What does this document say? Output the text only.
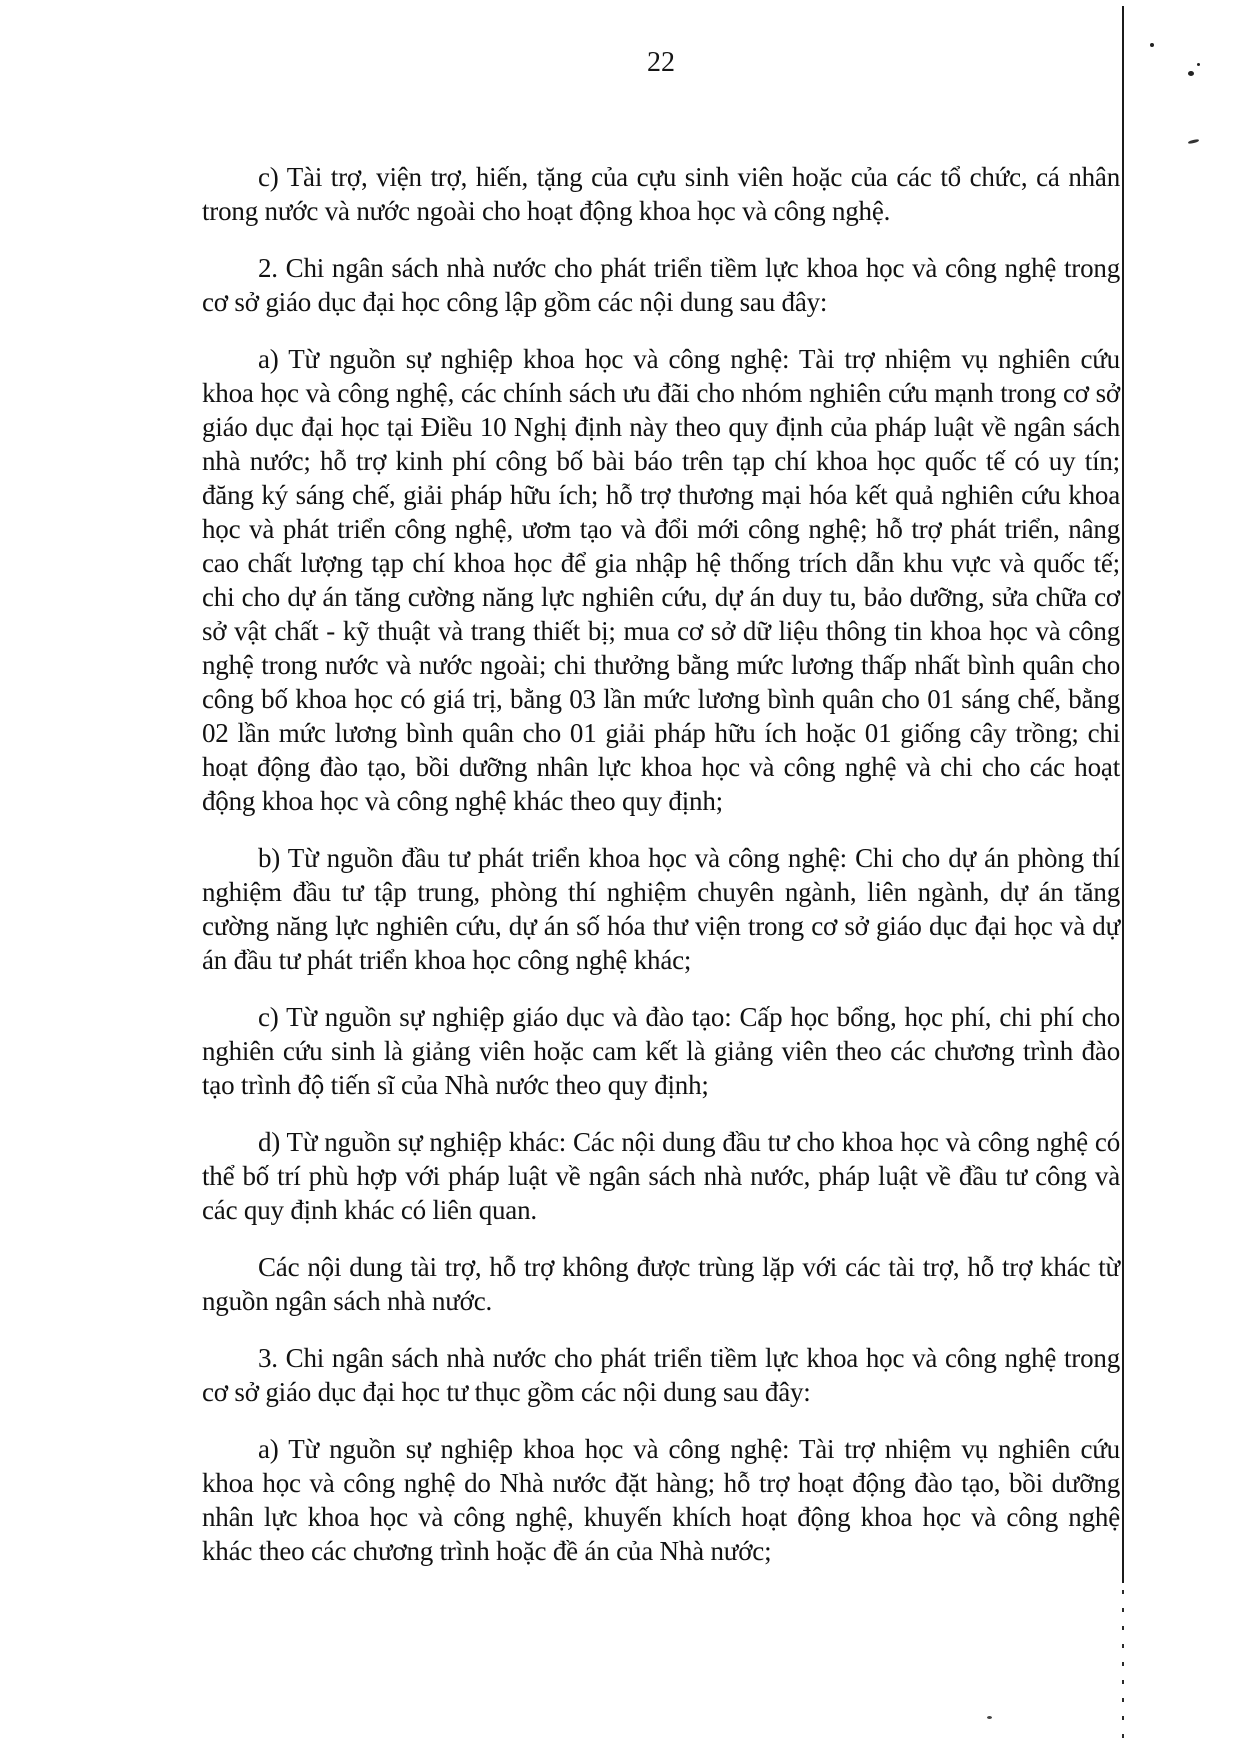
22

c) Tài trợ, viện trợ, hiến, tặng của cựu sinh viên hoặc của các tổ chức, cá nhân trong nước và nước ngoài cho hoạt động khoa học và công nghệ.

2. Chi ngân sách nhà nước cho phát triển tiềm lực khoa học và công nghệ trong cơ sở giáo dục đại học công lập gồm các nội dung sau đây:

a) Từ nguồn sự nghiệp khoa học và công nghệ: Tài trợ nhiệm vụ nghiên cứu khoa học và công nghệ, các chính sách ưu đãi cho nhóm nghiên cứu mạnh trong cơ sở giáo dục đại học tại Điều 10 Nghị định này theo quy định của pháp luật về ngân sách nhà nước; hỗ trợ kinh phí công bố bài báo trên tạp chí khoa học quốc tế có uy tín; đăng ký sáng chế, giải pháp hữu ích; hỗ trợ thương mại hóa kết quả nghiên cứu khoa học và phát triển công nghệ, ươm tạo và đổi mới công nghệ; hỗ trợ phát triển, nâng cao chất lượng tạp chí khoa học để gia nhập hệ thống trích dẫn khu vực và quốc tế; chi cho dự án tăng cường năng lực nghiên cứu, dự án duy tu, bảo dưỡng, sửa chữa cơ sở vật chất - kỹ thuật và trang thiết bị; mua cơ sở dữ liệu thông tin khoa học và công nghệ trong nước và nước ngoài; chi thưởng bằng mức lương thấp nhất bình quân cho công bố khoa học có giá trị, bằng 03 lần mức lương bình quân cho 01 sáng chế, bằng 02 lần mức lương bình quân cho 01 giải pháp hữu ích hoặc 01 giống cây trồng; chi hoạt động đào tạo, bồi dưỡng nhân lực khoa học và công nghệ và chi cho các hoạt động khoa học và công nghệ khác theo quy định;

b) Từ nguồn đầu tư phát triển khoa học và công nghệ: Chi cho dự án phòng thí nghiệm đầu tư tập trung, phòng thí nghiệm chuyên ngành, liên ngành, dự án tăng cường năng lực nghiên cứu, dự án số hóa thư viện trong cơ sở giáo dục đại học và dự án đầu tư phát triển khoa học công nghệ khác;

c) Từ nguồn sự nghiệp giáo dục và đào tạo: Cấp học bổng, học phí, chi phí cho nghiên cứu sinh là giảng viên hoặc cam kết là giảng viên theo các chương trình đào tạo trình độ tiến sĩ của Nhà nước theo quy định;

d) Từ nguồn sự nghiệp khác: Các nội dung đầu tư cho khoa học và công nghệ có thể bố trí phù hợp với pháp luật về ngân sách nhà nước, pháp luật về đầu tư công và các quy định khác có liên quan.

Các nội dung tài trợ, hỗ trợ không được trùng lặp với các tài trợ, hỗ trợ khác từ nguồn ngân sách nhà nước.

3. Chi ngân sách nhà nước cho phát triển tiềm lực khoa học và công nghệ trong cơ sở giáo dục đại học tư thục gồm các nội dung sau đây:

a) Từ nguồn sự nghiệp khoa học và công nghệ: Tài trợ nhiệm vụ nghiên cứu khoa học và công nghệ do Nhà nước đặt hàng; hỗ trợ hoạt động đào tạo, bồi dưỡng nhân lực khoa học và công nghệ, khuyến khích hoạt động khoa học và công nghệ khác theo các chương trình hoặc đề án của Nhà nước;
